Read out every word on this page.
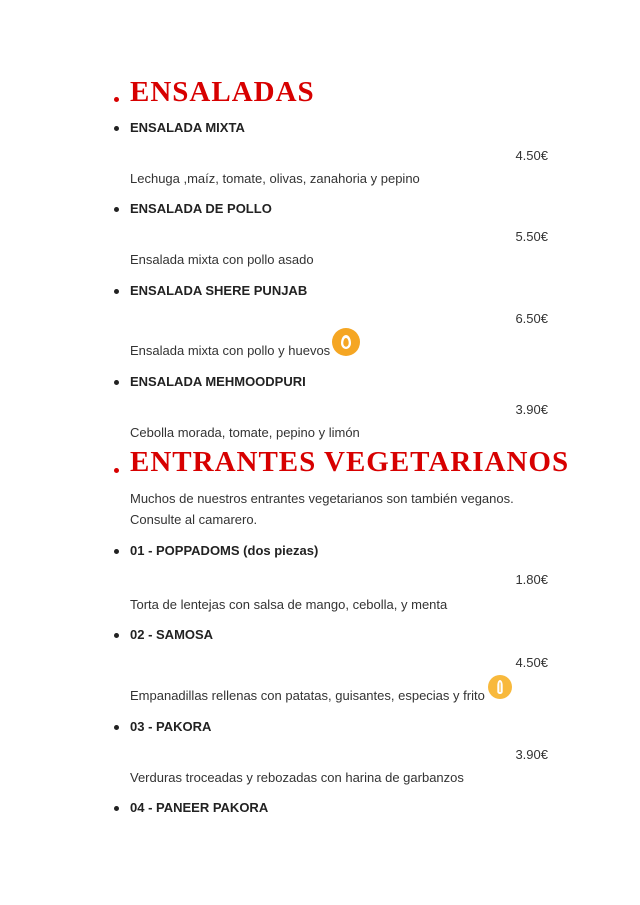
ENSALADAS
ENSALADA MIXTA
4.50€
Lechuga ,maíz, tomate, olivas, zanahoria y pepino
ENSALADA DE POLLO
5.50€
Ensalada mixta con pollo asado
ENSALADA SHERE PUNJAB
6.50€
Ensalada mixta con pollo y huevos
ENSALADA MEHMOODPURI
3.90€
Cebolla morada, tomate, pepino y limón
ENTRANTES VEGETARIANOS
Muchos de nuestros entrantes vegetarianos son también veganos. Consulte al camarero.
01 - POPPADOMS (dos piezas)
1.80€
Torta de lentejas con salsa de mango, cebolla, y menta
02 - SAMOSA
4.50€
Empanadillas rellenas con patatas, guisantes, especias y frito
03 - PAKORA
3.90€
Verduras troceadas y rebozadas con harina de garbanzos
04 - PANEER PAKORA
